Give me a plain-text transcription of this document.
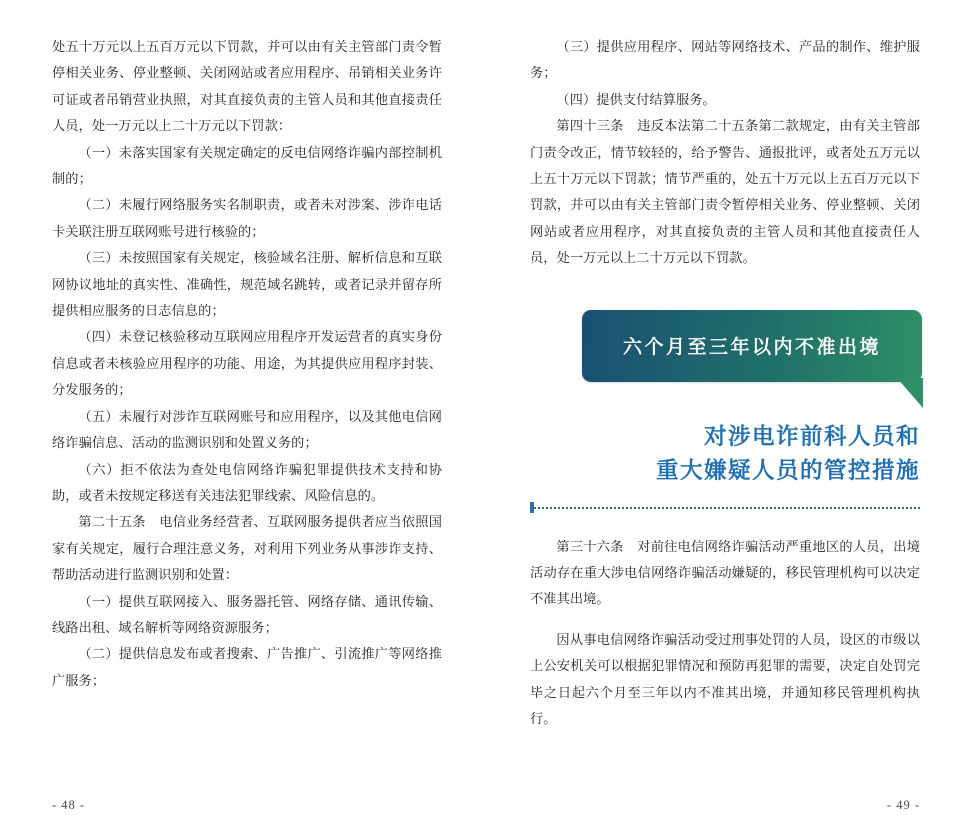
处五十万元以上五百万元以下罚款，并可以由有关主管部门责令暂停相关业务、停业整顿、关闭网站或者应用程序、吊销相关业务许可证或者吊销营业执照，对其直接负责的主管人员和其他直接责任人员，处一万元以上二十万元以下罚款：

（一）未落实国家有关规定确定的反电信网络诈骗内部控制机制的；

（二）未履行网络服务实名制职责，或者未对涉案、涉诈电话卡关联注册互联网账号进行核验的；

（三）未按照国家有关规定，核验域名注册、解析信息和互联网协议地址的真实性、准确性，规范域名跳转，或者记录并留存所提供相应服务的日志信息的；

（四）未登记核验移动互联网应用程序开发运营者的真实身份信息或者未核验应用程序的功能、用途，为其提供应用程序封装、分发服务的；

（五）未履行对涉诈互联网账号和应用程序，以及其他电信网络诈骗信息、活动的监测识别和处置义务的；

（六）拒不依法为查处电信网络诈骗犯罪提供技术支持和协助，或者未按规定移送有关违法犯罪线索、风险信息的。

第二十五条　电信业务经营者、互联网服务提供者应当依照国家有关规定，履行合理注意义务，对利用下列业务从事涉诈支持、帮助活动进行监测识别和处置：

（一）提供互联网接入、服务器托管、网络存储、通讯传输、线路出租、域名解析等网络资源服务；

（二）提供信息发布或者搜索、广告推广、引流推广等网络推广服务；

- 48 -

（三）提供应用程序、网站等网络技术、产品的制作、维护服务；

（四）提供支付结算服务。

第四十三条　违反本法第二十五条第二款规定，由有关主管部门责令改正，情节较轻的，给予警告、通报批评，或者处五万元以上五十万元以下罚款；情节严重的，处五十万元以上五百万元以下罚款，并可以由有关主管部门责令暂停相关业务、停业整顿、关闭网站或者应用程序，对其直接负责的主管人员和其他直接责任人员，处一万元以上二十万元以下罚款。

六个月至三年以内不准出境
对涉电诈前科人员和
重大嫌疑人员的管控措施

第三十六条　对前往电信网络诈骗活动严重地区的人员，出境活动存在重大涉电信网络诈骗活动嫌疑的，移民管理机构可以决定不准其出境。

因从事电信网络诈骗活动受过刑事处罚的人员，设区的市级以上公安机关可以根据犯罪情况和预防再犯罪的需要，决定自处罚完毕之日起六个月至三年以内不准其出境，并通知移民管理机构执行。

- 49 -
